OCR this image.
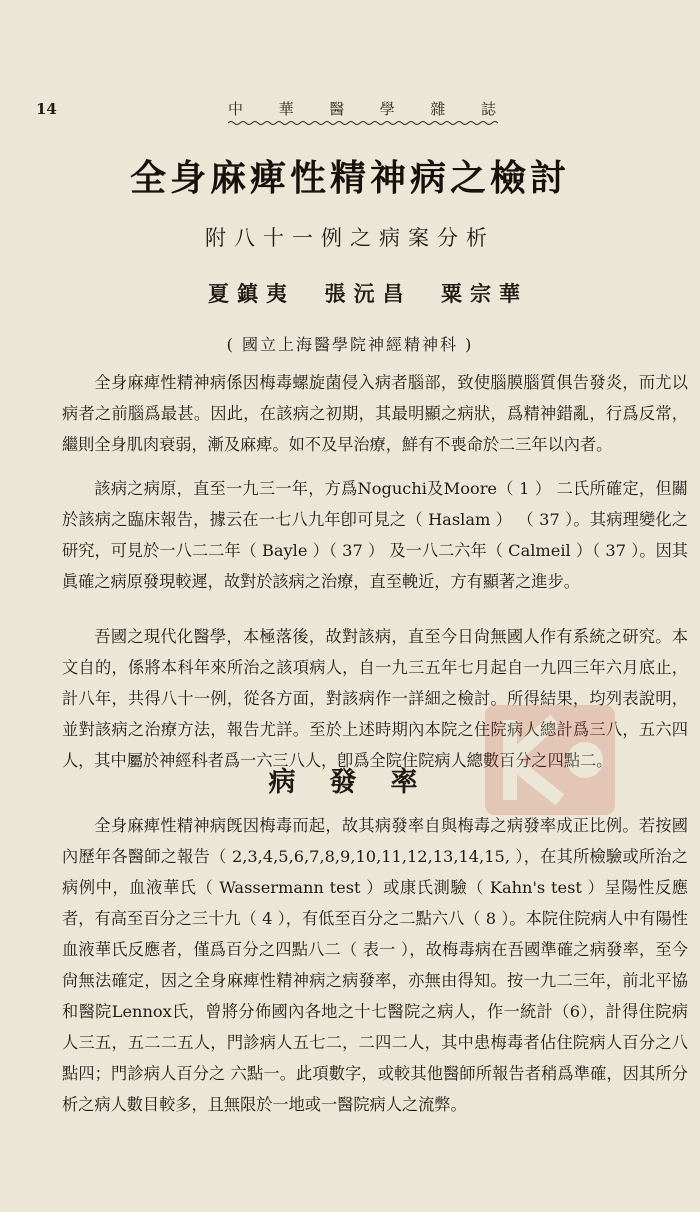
14	中華醫學雜誌
全身麻痺性精神病之檢討
附八十一例之病案分析
夏鎮夷 張沅昌 粟宗華
( 國立上海醫學院神經精神科 )

全身麻痺性精神病係因梅毒螺旋菌侵入病者腦部，致使腦膜腦質俱告發炎，而尤以病者之前腦爲最甚。因此，在該病之初期，其最明顯之病狀，爲精神錯亂，行爲反常，繼則全身肌肉衰弱，漸及麻痺。如不及早治療，鮮有不喪命於二三年以內者。

該病之病原，直至一九三一年，方爲Noguchi及Moore（ 1 ） 二氏所確定，但關於該病之臨床報告，據云在一七八九年卽可見之（ Haslam ） （ 37 ）。其病理變化之研究，可見於一八二二年（ Bayle ）（ 37 ） 及一八二六年（ Calmeil ）（ 37 ）。因其眞確之病原發現較遲，故對於該病之治療，直至輓近，方有顯著之進步。

吾國之現代化醫學，本極落後，故對該病，直至今日尙無國人作有系統之研究。本文自的，係將本科年來所治之該項病人，自一九三五年七月起自一九四三年六月底止，計八年，共得八十一例，從各方面，對該病作一詳細之檢討。所得結果，均列表說明，並對該病之治療方法，報告尤詳。至於上述時期內本院之住院病人總計爲三八，五六四人，其中屬於神經科者爲一六三八人，卽爲全院住院病人總數百分之四點二。

病發率

全身麻痺性精神病旣因梅毒而起，故其病發率自與梅毒之病發率成正比例。若按國內歷年各醫師之報告（ 2,3,4,5,6,7,8,9,10,11,12,13,14,15, ），在其所檢驗或所治之病例中，血液華氏（ Wassermann test ）或康氏測驗（ Kahn's test ）呈陽性反應者，有高至百分之三十九（ 4 ），有低至百分之二點六八（ 8 ）。本院住院病人中有陽性血液華氏反應者，僅爲百分之四點八二（ 表一 ），故梅毒病在吾國準確之病發率，至今尙無法確定，因之全身麻痺性精神病之病發率，亦無由得知。按一九二三年，前北平協和醫院Lennox氏，曾將分佈國內各地之十七醫院之病人，作一統計（6），計得住院病人三五，五二二五人，門診病人五七二，二四二人，其中患梅毒者佔住院病人百分之八點四；門診病人百分之 六點一。此項數字，或較其他醫師所報告者稍爲準確，因其所分析之病人數目較多，且無限於一地或一醫院病人之流弊。
